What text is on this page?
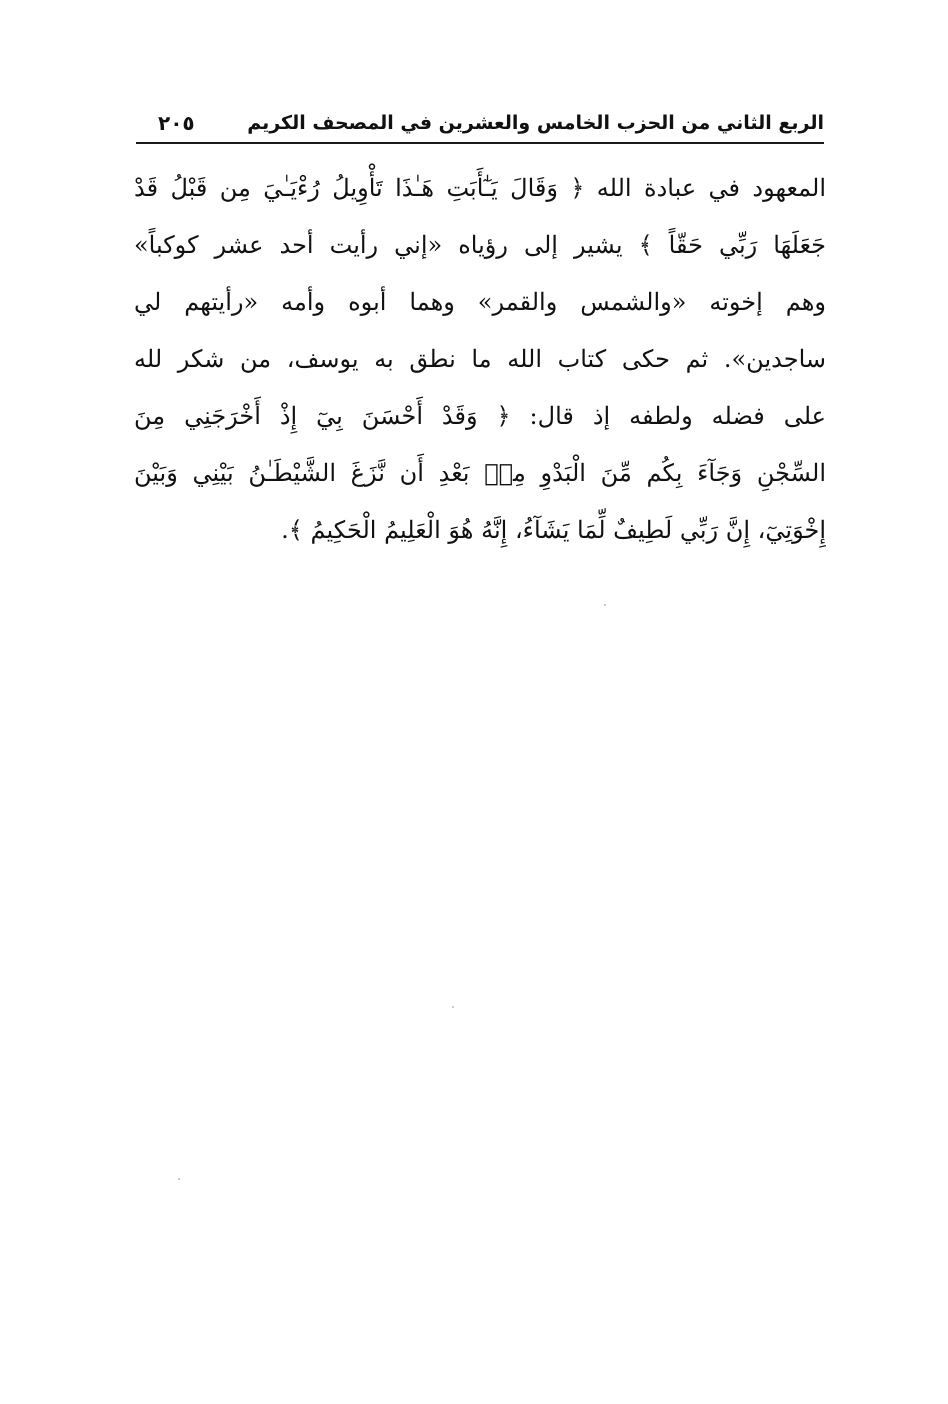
الربع الثاني من الحزب الخامس والعشرين في المصحف الكريم
٢٠٥
المعهود في عبادة الله ﴿ وَقَالَ يَـٰٓأَبَتِ هَـٰذَا تَأْوِيلُ رُءْيَـٰيَ مِن قَبْلُ قَدْ
جَعَلَهَا رَبِّي حَقّاً ﴾ يشير إلى رؤياه «إني رأيت أحد عشر كوكباً»
وهم إخوته «والشمس والقمر» وهما أبوه وأمه «رأيتهم لي
ساجدين». ثم حكى كتاب الله ما نطق به يوسف، من شكر لله
على فضله ولطفه إذ قال: ﴿ وَقَدْ أَحْسَنَ بِيٓ إِذْ أَخْرَجَنِي مِنَ
السِّجْنِ وَجَآءَ بِكُم مِّنَ الْبَدْوِ مِنۢ بَعْدِ أَن نَّزَغَ الشَّيْطَـٰنُ بَيْنِي وَبَيْنَ
إِخْوَتِيٓ، إِنَّ رَبِّي لَطِيفٌ لِّمَا يَشَآءُ، إِنَّهُ هُوَ الْعَلِيمُ الْحَكِيمُ ﴾.
